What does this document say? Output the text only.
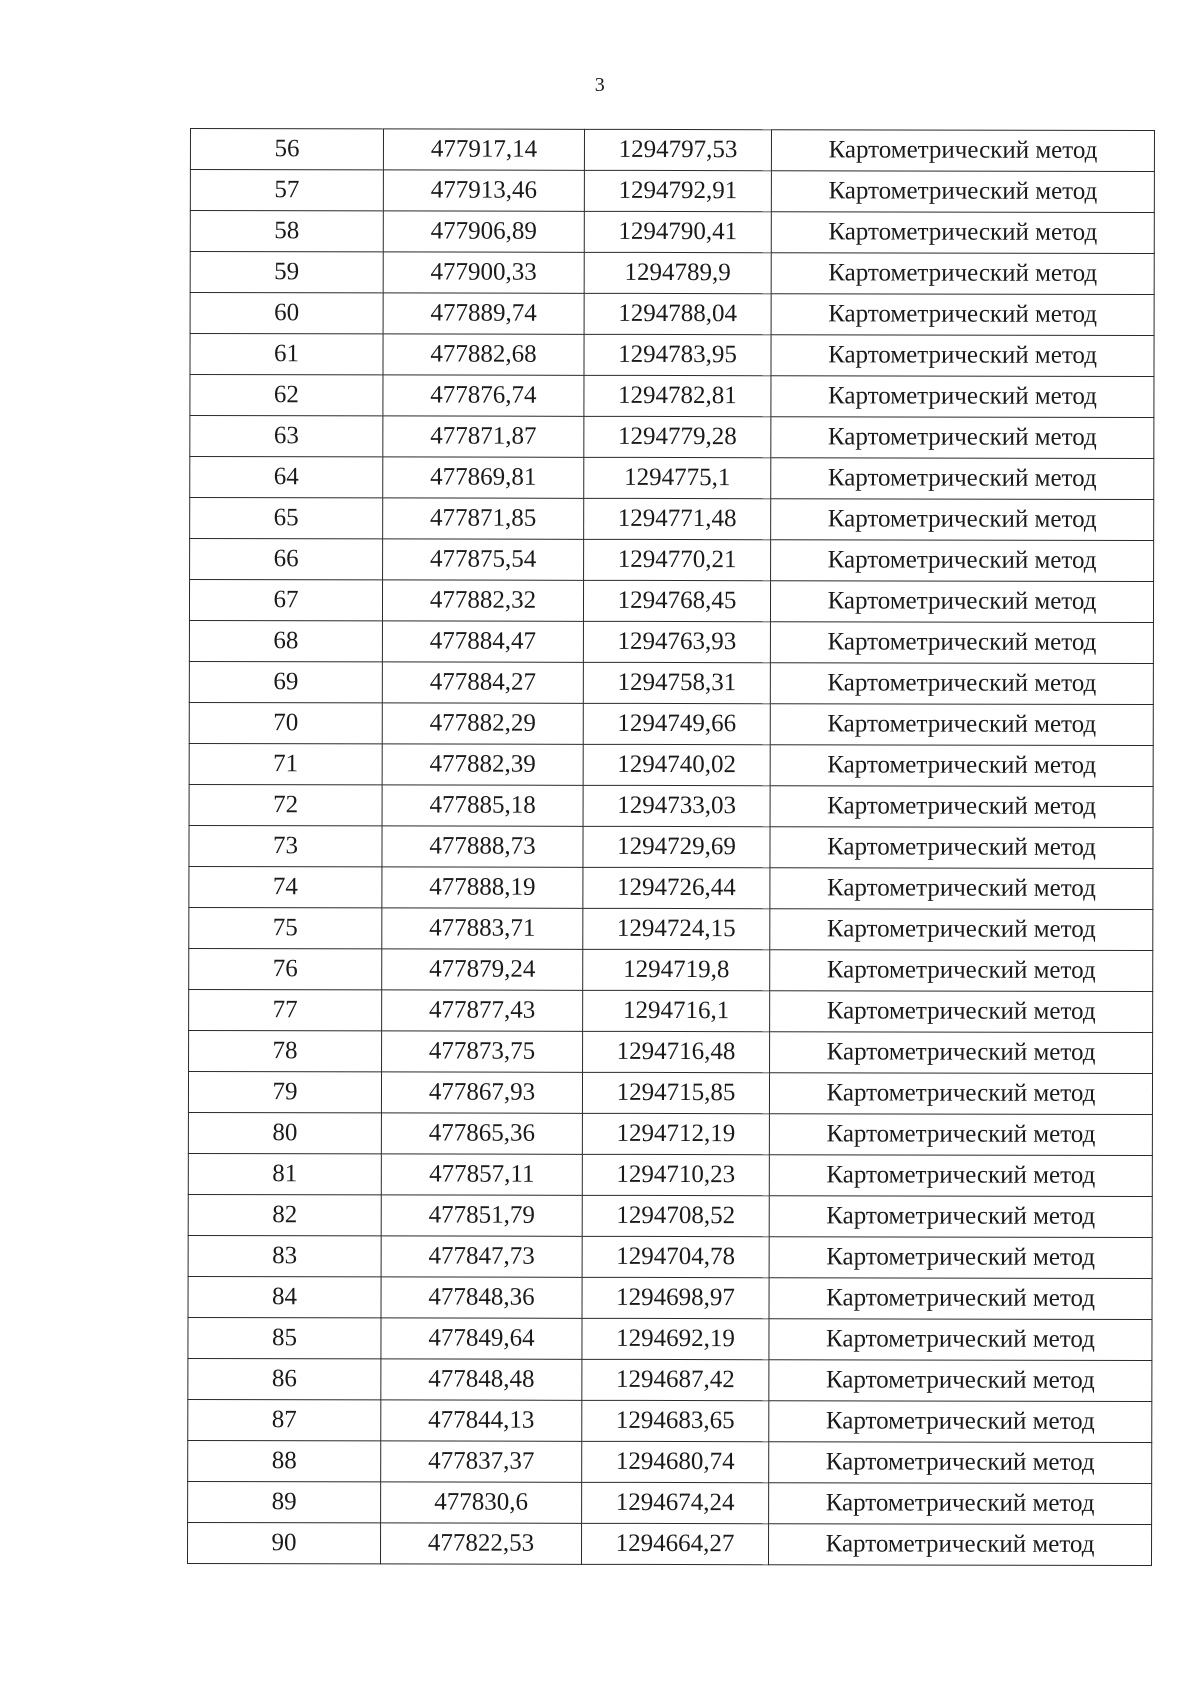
3
56	477917,14	1294797,53	Картометрический метод
57	477913,46	1294792,91	Картометрический метод
58	477906,89	1294790,41	Картометрический метод
59	477900,33	1294789,9	Картометрический метод
60	477889,74	1294788,04	Картометрический метод
61	477882,68	1294783,95	Картометрический метод
62	477876,74	1294782,81	Картометрический метод
63	477871,87	1294779,28	Картометрический метод
64	477869,81	1294775,1	Картометрический метод
65	477871,85	1294771,48	Картометрический метод
66	477875,54	1294770,21	Картометрический метод
67	477882,32	1294768,45	Картометрический метод
68	477884,47	1294763,93	Картометрический метод
69	477884,27	1294758,31	Картометрический метод
70	477882,29	1294749,66	Картометрический метод
71	477882,39	1294740,02	Картометрический метод
72	477885,18	1294733,03	Картометрический метод
73	477888,73	1294729,69	Картометрический метод
74	477888,19	1294726,44	Картометрический метод
75	477883,71	1294724,15	Картометрический метод
76	477879,24	1294719,8	Картометрический метод
77	477877,43	1294716,1	Картометрический метод
78	477873,75	1294716,48	Картометрический метод
79	477867,93	1294715,85	Картометрический метод
80	477865,36	1294712,19	Картометрический метод
81	477857,11	1294710,23	Картометрический метод
82	477851,79	1294708,52	Картометрический метод
83	477847,73	1294704,78	Картометрический метод
84	477848,36	1294698,97	Картометрический метод
85	477849,64	1294692,19	Картометрический метод
86	477848,48	1294687,42	Картометрический метод
87	477844,13	1294683,65	Картометрический метод
88	477837,37	1294680,74	Картометрический метод
89	477830,6	1294674,24	Картометрический метод
90	477822,53	1294664,27	Картометрический метод
